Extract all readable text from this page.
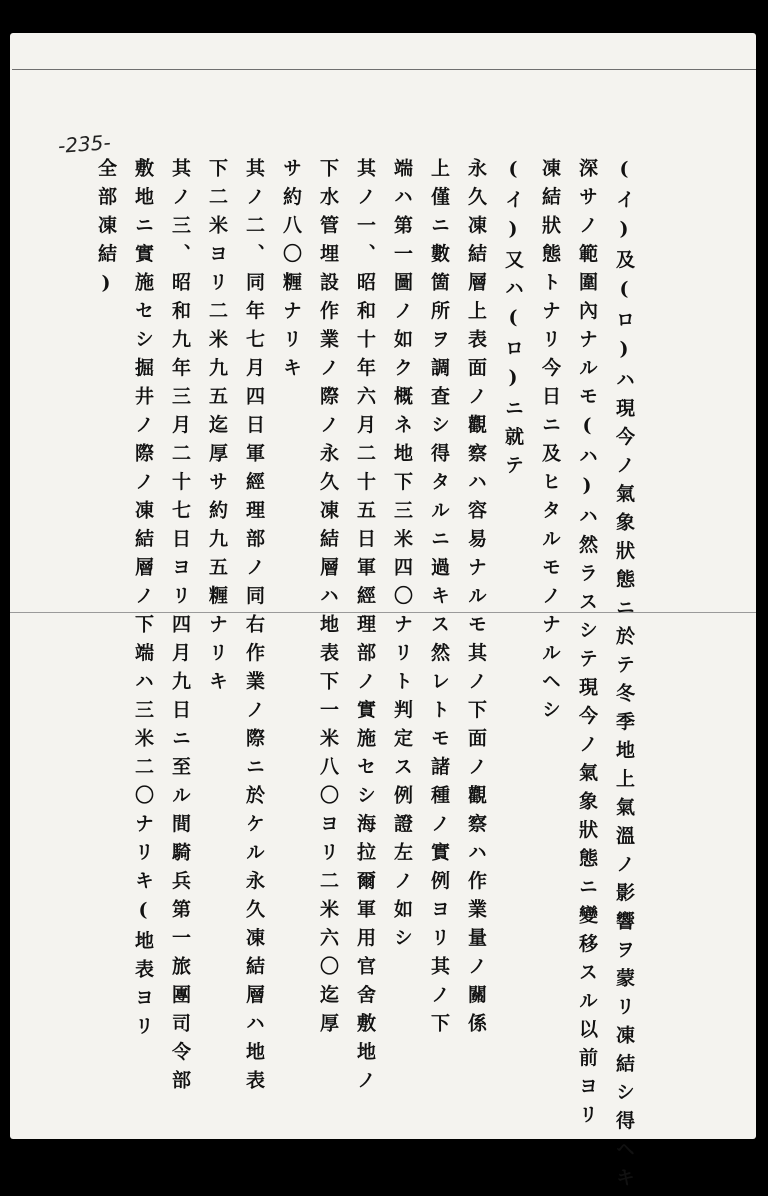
-235-
(イ)及(ロ)ハ現今ノ氣象狀態ニ於テ冬季地上氣溫ノ影響ヲ蒙リ凍結シ得ヘキ
深サノ範圍內ナルモ(ハ)ハ然ラスシテ現今ノ氣象狀態ニ變移スル以前ヨリ
凍結狀態トナリ今日ニ及ヒタルモノナルヘシ
(イ)又ハ(ロ)ニ就テ
永久凍結層上表面ノ觀察ハ容易ナルモ其ノ下面ノ觀察ハ作業量ノ關係
上僅ニ數箇所ヲ調査シ得タルニ過キス然レトモ諸種ノ實例ヨリ其ノ下
端ハ第一圖ノ如ク概ネ地下三米四〇ナリト判定ス例證左ノ如シ
其ノ一、昭和十年六月二十五日軍經理部ノ實施セシ海拉爾軍用官舍敷地ノ
下水管埋設作業ノ際ノ永久凍結層ハ地表下一米八〇ヨリ二米六〇迄厚
サ約八〇糎ナリキ
其ノ二、同年七月四日軍經理部ノ同右作業ノ際ニ於ケル永久凍結層ハ地表
下二米ヨリ二米九五迄厚サ約九五糎ナリキ
其ノ三、昭和九年三月二十七日ヨリ四月九日ニ至ル間騎兵第一旅團司令部
敷地ニ實施セシ掘井ノ際ノ凍結層ノ下端ハ三米二〇ナリキ(地表ヨリ
全部凍結)
